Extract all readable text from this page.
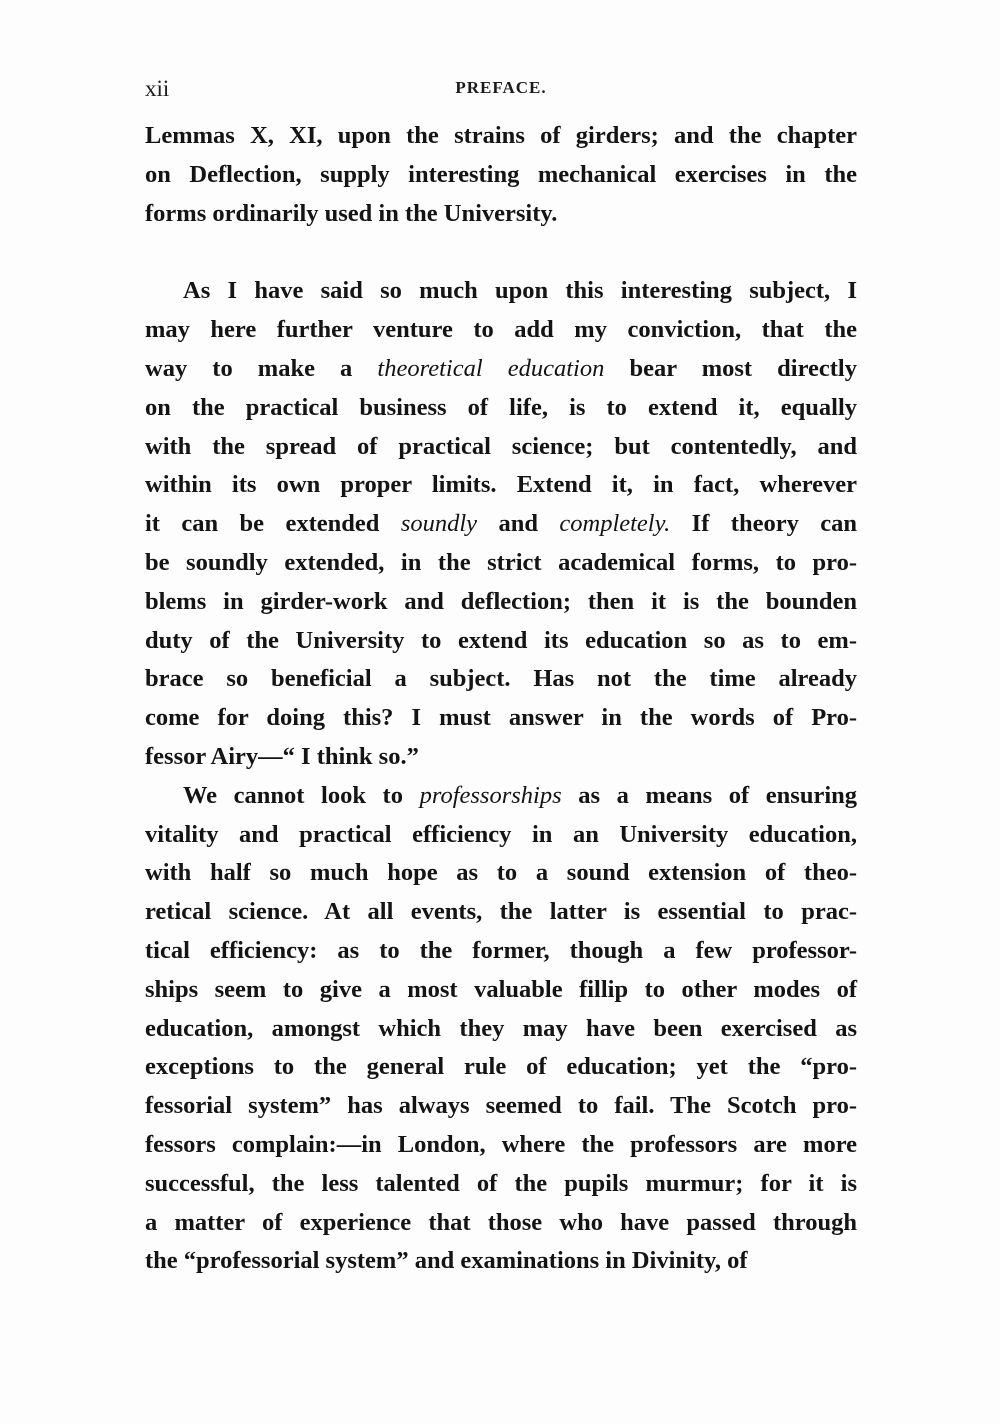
xii	PREFACE.
Lemmas X, XI, upon the strains of girders; and the chapter
on Deflection, supply interesting mechanical exercises in the
forms ordinarily used in the University.
As I have said so much upon this interesting subject, I
may here further venture to add my conviction, that the
way to make a theoretical education bear most directly
on the practical business of life, is to extend it, equally
with the spread of practical science; but contentedly, and
within its own proper limits. Extend it, in fact, wherever
it can be extended soundly and completely. If theory can
be soundly extended, in the strict academical forms, to pro-
blems in girder-work and deflection; then it is the bounden
duty of the University to extend its education so as to em-
brace so beneficial a subject. Has not the time already
come for doing this? I must answer in the words of Pro-
fessor Airy—“ I think so.”
We cannot look to professorships as a means of ensuring
vitality and practical efficiency in an University education,
with half so much hope as to a sound extension of theo-
retical science. At all events, the latter is essential to prac-
tical efficiency: as to the former, though a few professor-
ships seem to give a most valuable fillip to other modes of
education, amongst which they may have been exercised as
exceptions to the general rule of education; yet the “pro-
fessorial system” has always seemed to fail. The Scotch pro-
fessors complain:—in London, where the professors are more
successful, the less talented of the pupils murmur; for it is
a matter of experience that those who have passed through
the “professorial system” and examinations in Divinity, of
